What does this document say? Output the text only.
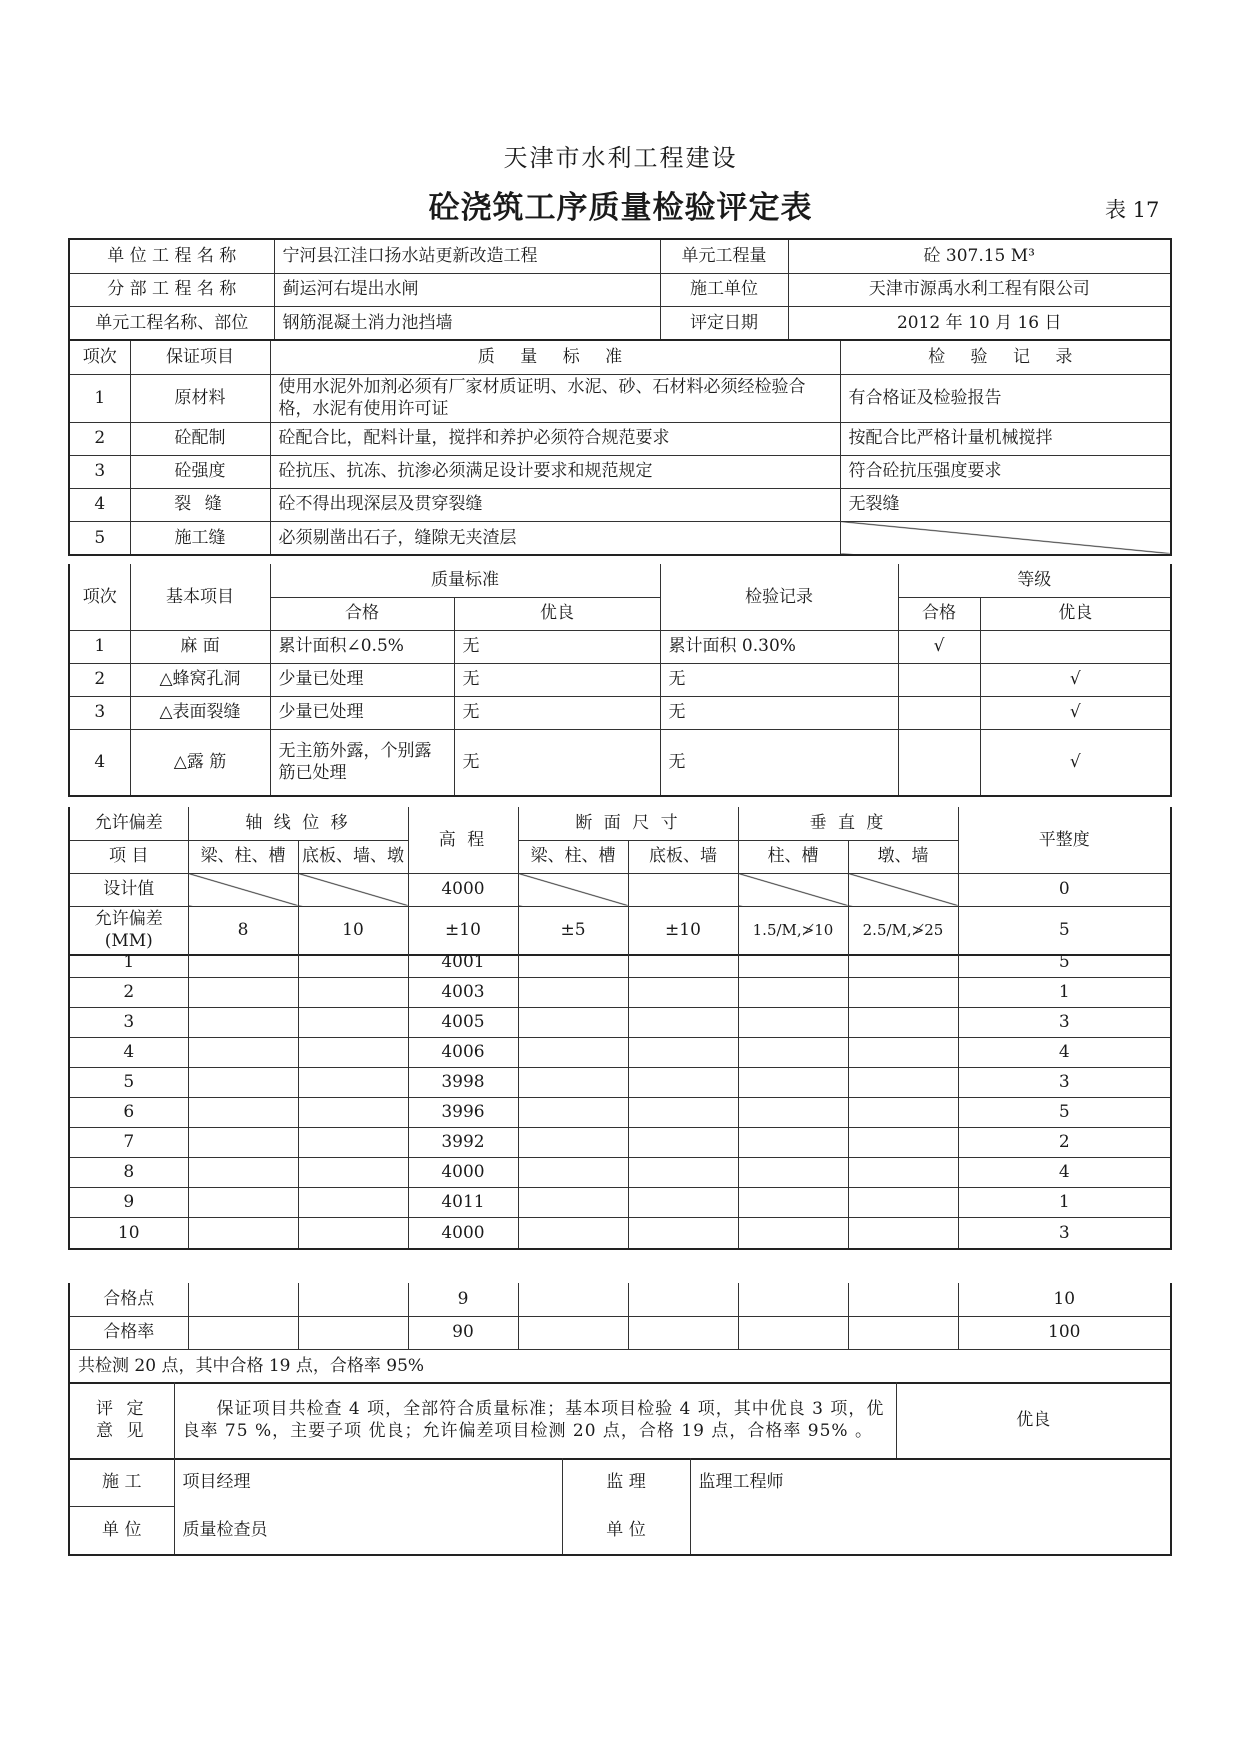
天津市水利工程建设
砼浇筑工序质量检验评定表	表 17
单 位 工 程 名 称	宁河县江洼口扬水站更新改造工程	单元工程量	砼 307.15 M³
分 部 工 程 名 称	蓟运河右堤出水闸	施工单位	天津市源禹水利工程有限公司
单元工程名称、部位	钢筋混凝土消力池挡墙	评定日期	2012 年 10 月 16 日
项次	保证项目	质 量 标 准	检 验 记 录
1	原材料	使用水泥外加剂必须有厂家材质证明、水泥、砂、石材料必须经检验合格，水泥有使用许可证	有合格证及检验报告
2	砼配制	砼配合比，配料计量，搅拌和养护必须符合规范要求	按配合比严格计量机械搅拌
3	砼强度	砼抗压、抗冻、抗渗必须满足设计要求和规范规定	符合砼抗压强度要求
4	裂 缝	砼不得出现深层及贯穿裂缝	无裂缝
5	施工缝	必须剔凿出石子，缝隙无夹渣层	
项次	基本项目	质量标准		检验记录	等级	
		合格	优良		合格	优良
1	麻 面	累计面积∠0.5%	无	累计面积 0.30%	√	
2	△蜂窝孔洞	少量已处理	无	无		√
3	△表面裂缝	少量已处理	无	无		√
4	△露 筋	无主筋外露，个别露筋已处理	无	无		√
允许偏差	轴 线 位 移		高 程	断 面 尺 寸		垂 直 度		平整度
项 目	梁、柱、槽	底板、墙、墩		梁、柱、槽	底板、墙	柱、槽	墩、墙	
设计值			4000					0
允许偏差(MM)	8	10	±10	±5	±10	1.5/M,≯10	2.5/M,≯25	5
1			4001					5
2			4003					1
3			4005					3
4			4006					4
5			3998					3
6			3996					5
7			3992					2
8			4000					4
9			4011					1
10			4000					3
合格点			9					10
合格率			90					100
共检测 20 点，其中合格 19 点，合格率 95%								
评 定 意 见	保证项目共检查 4 项，全部符合质量标准；基本项目检验 4 项，其中优良 3 项，优良率 75 %，主要子项 优良；允许偏差项目检测 20 点，合格 19 点，合格率 95% 。	优良
施 工	项目经理	监 理	监理工程师
单 位	质量检查员	单 位	
